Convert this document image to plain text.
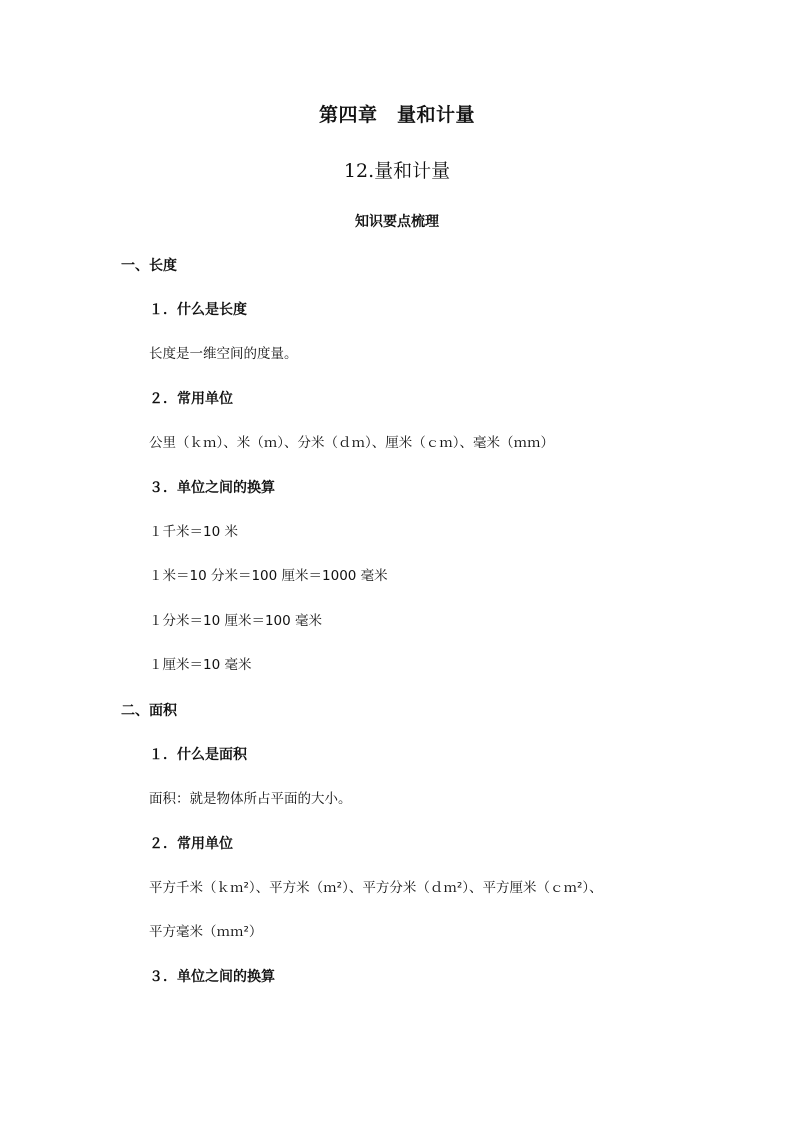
第四章　量和计量
12.量和计量
知识要点梳理
一、长度
１．什么是长度
长度是一维空间的度量。
２．常用单位
公里（ｋｍ）、米（ｍ）、分米（ｄｍ）、厘米（ｃｍ）、毫米（ｍｍ）
３．单位之间的换算
１千米＝10 米
１米＝10 分米＝100 厘米＝1000 毫米
１分米＝10 厘米＝100 毫米
１厘米＝10 毫米
二、面积
１．什么是面积
面积：就是物体所占平面的大小。
２．常用单位
平方千米（ｋｍ²）、平方米（ｍ²）、平方分米（ｄｍ²）、平方厘米（ｃｍ²）、
平方毫米（ｍｍ²）
３．单位之间的换算
